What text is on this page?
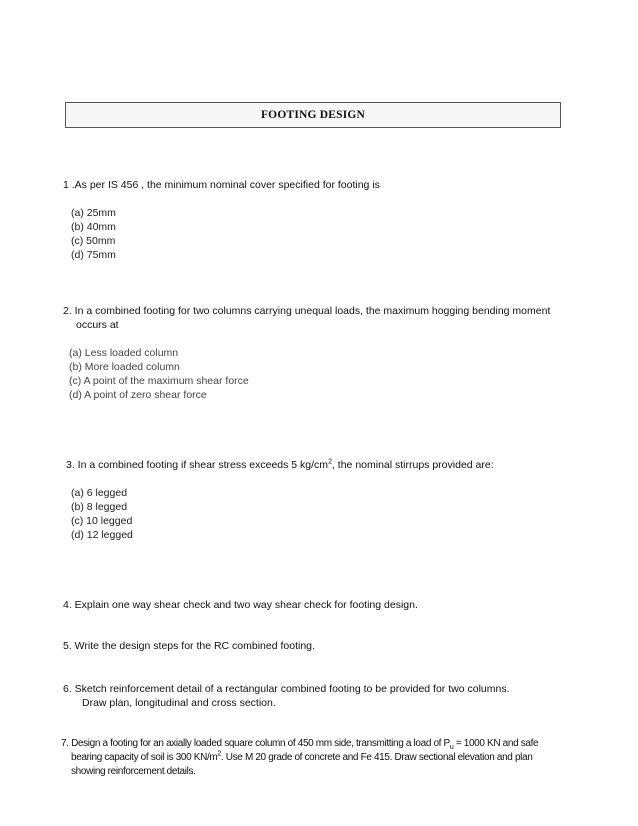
FOOTING DESIGN
1 .As per IS 456 , the minimum nominal cover specified for footing is
(a) 25mm
(b) 40mm
(c) 50mm
(d) 75mm
2. In a combined footing for two columns carrying unequal loads, the maximum hogging bending moment
occurs at
(a) Less loaded column
(b) More loaded column
(c) A point of the maximum shear force
(d) A point of zero shear force
3. In a combined footing if shear stress exceeds 5 $kg/cm^2$, the nominal stirrups provided are:
(a) 6 legged
(b) 8 legged
(c) 10 legged
(d) 12 legged
4. Explain one way shear check and two way shear check for footing design.
5. Write the design steps for the RC combined footing.
6. Sketch reinforcement detail of a rectangular combined footing to be provided for two columns.
Draw plan, longitudinal and cross section.
7. Design a footing for an axially loaded square column of 450 mm side, transmitting a load of $P_u = 1000$ KN and safe
bearing capacity of soil is 300 $KN/m^2$. Use M 20 grade of concrete and Fe 415. Draw sectional elevation and plan
showing reinforcement details.
